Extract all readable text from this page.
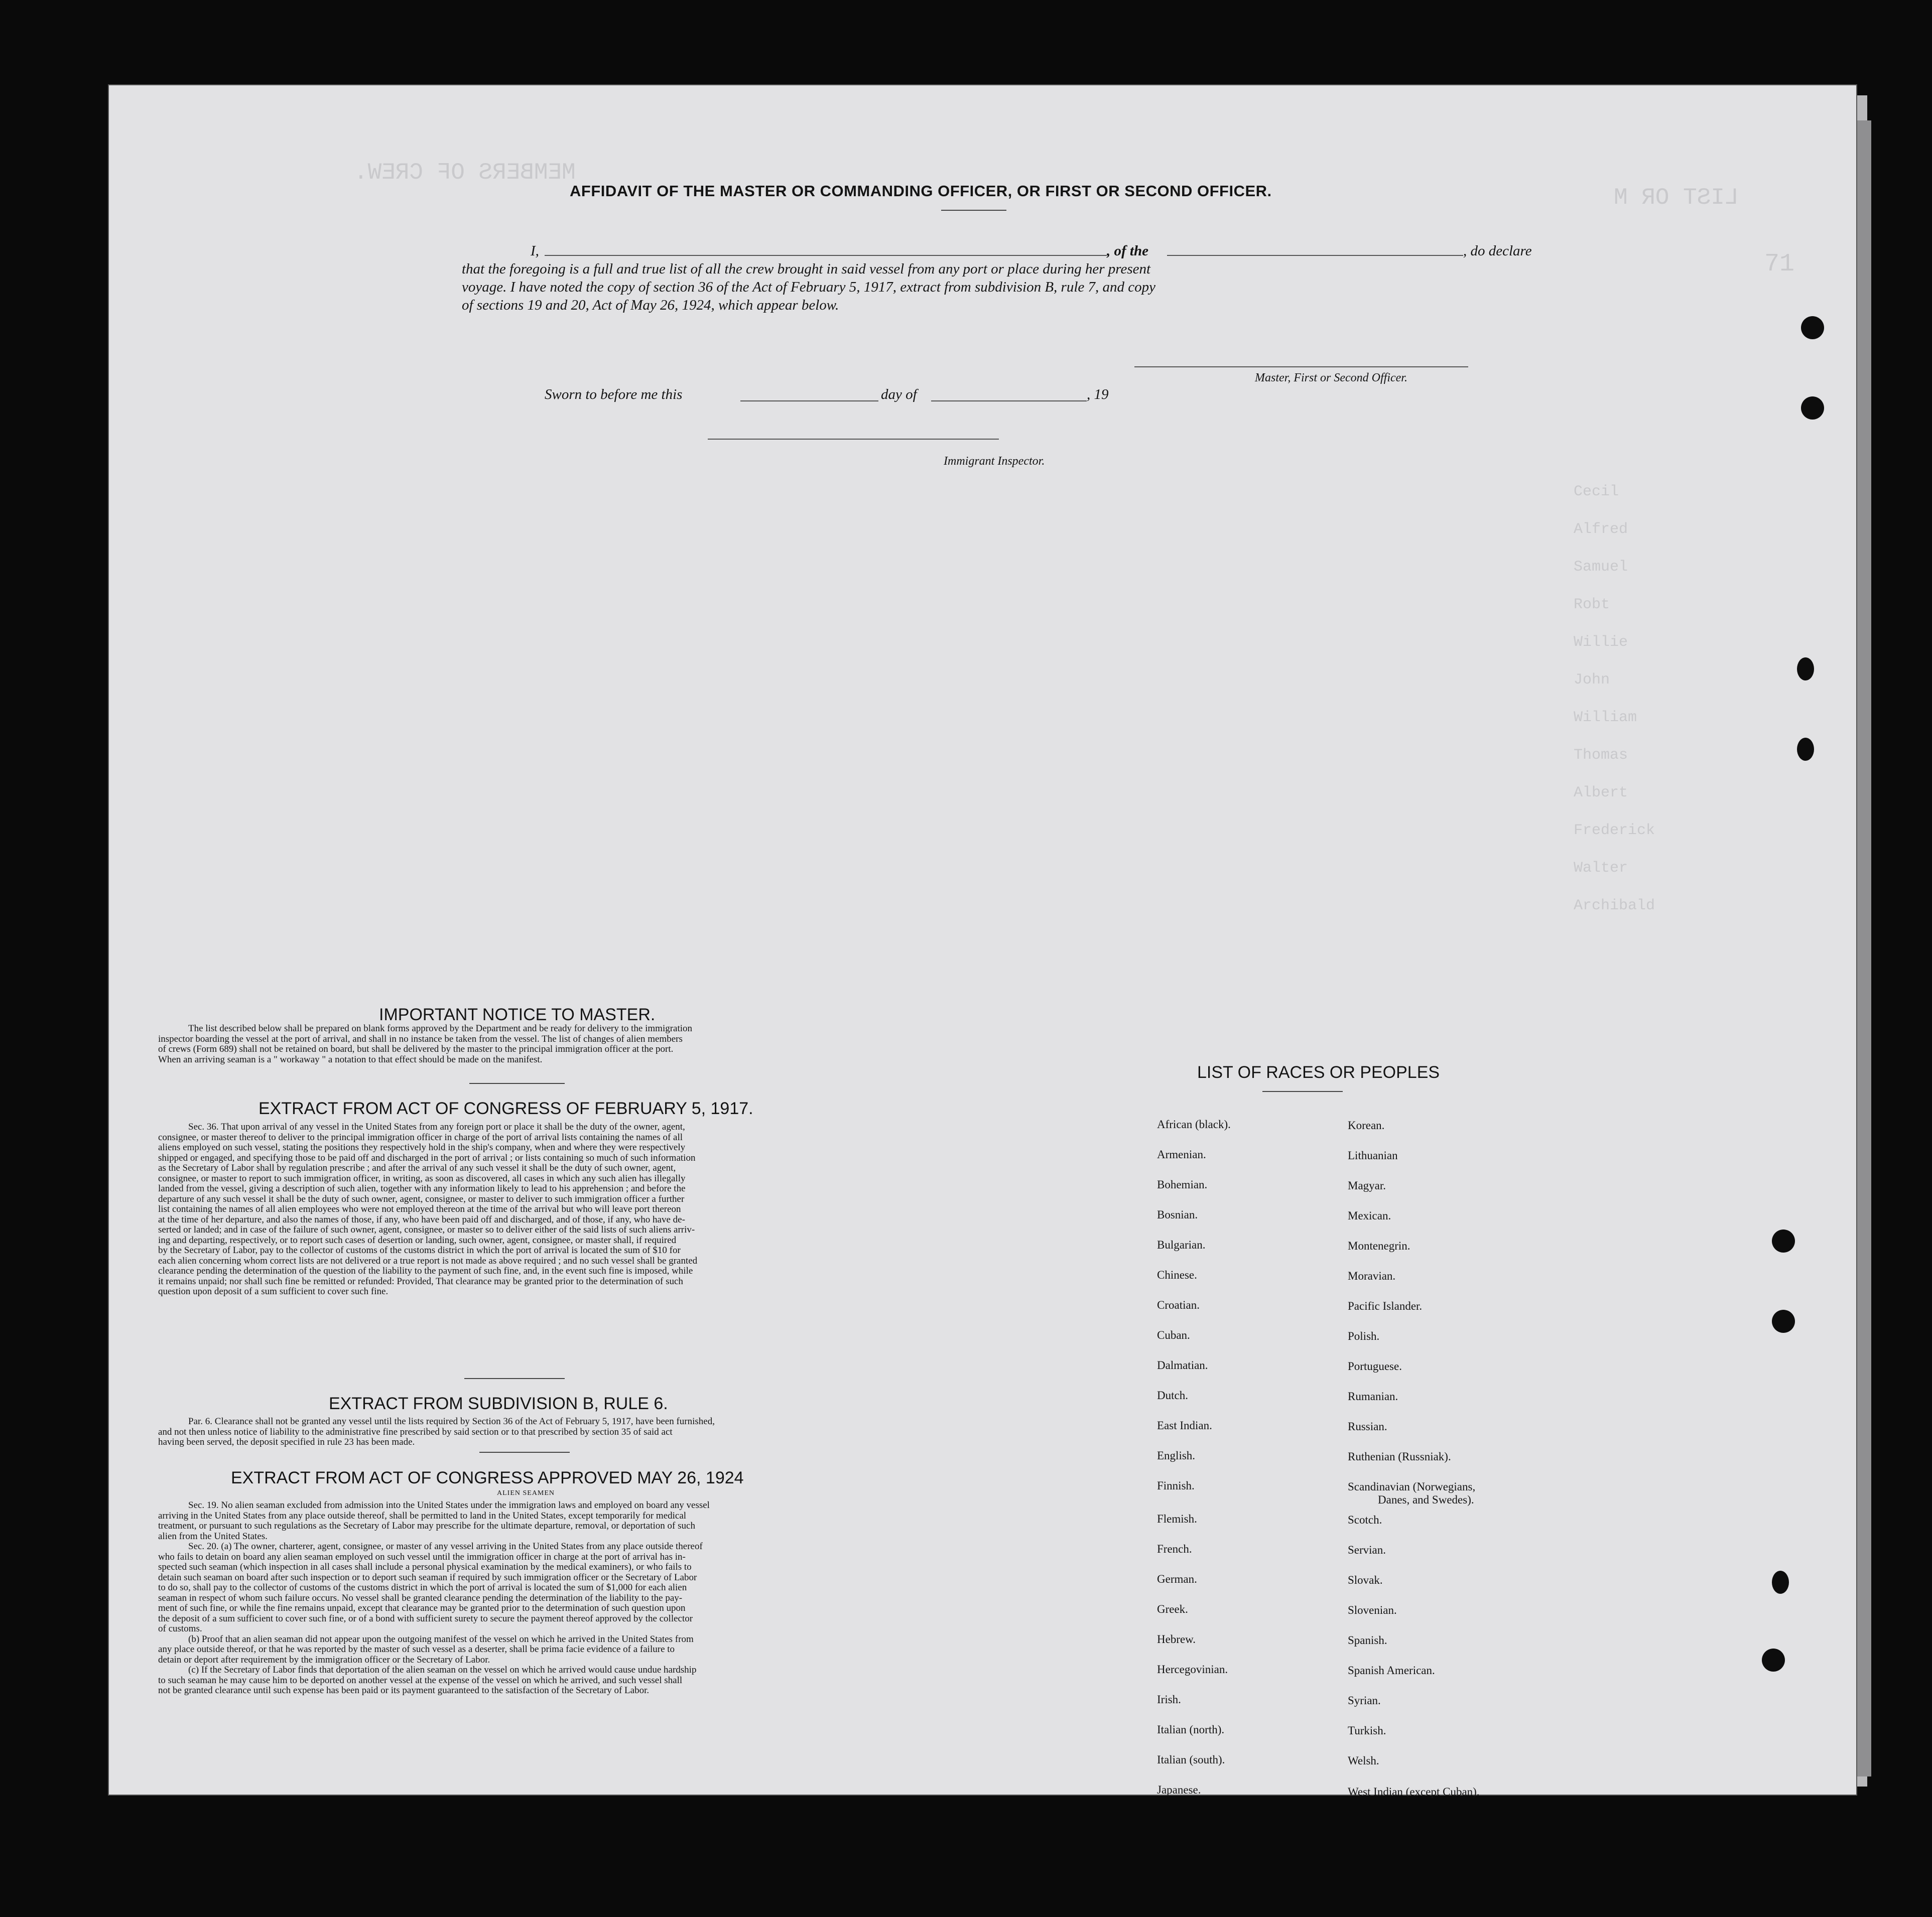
LIST OR M
MEMBERS OF CREW.
71
Cecil
Alfred
Samuel
Robt
Willie
John
William
Thomas
Albert
Frederick
Walter
Archibald
AFFIDAVIT OF THE MASTER OR COMMANDING OFFICER, OR FIRST OR SECOND OFFICER.
I,	, of the	, do declare
that the foregoing is a full and true list of all the crew brought in said vessel from any port or place during her present
voyage. I have noted the copy of section 36 of the Act of February 5, 1917, extract from subdivision B, rule 7, and copy
of sections 19 and 20, Act of May 26, 1924, which appear below.
Master, First or Second Officer.
Sworn to before me this	day of	, 19
Immigrant Inspector.
IMPORTANT NOTICE TO MASTER.
The list described below shall be prepared on blank forms approved by the Department and be ready for delivery to the immigration
inspector boarding the vessel at the port of arrival, and shall in no instance be taken from the vessel. The list of changes of alien members
of crews (Form 689) shall not be retained on board, but shall be delivered by the master to the principal immigration officer at the port.
When an arriving seaman is a " workaway " a notation to that effect should be made on the manifest.
EXTRACT FROM ACT OF CONGRESS OF FEBRUARY 5, 1917.
Sec. 36. That upon arrival of any vessel in the United States from any foreign port or place it shall be the duty of the owner, agent,
consignee, or master thereof to deliver to the principal immigration officer in charge of the port of arrival lists containing the names of all
aliens employed on such vessel, stating the positions they respectively hold in the ship's company, when and where they were respectively
shipped or engaged, and specifying those to be paid off and discharged in the port of arrival ; or lists containing so much of such information
as the Secretary of Labor shall by regulation prescribe ; and after the arrival of any such vessel it shall be the duty of such owner, agent,
consignee, or master to report to such immigration officer, in writing, as soon as discovered, all cases in which any such alien has illegally
landed from the vessel, giving a description of such alien, together with any information likely to lead to his apprehension ; and before the
departure of any such vessel it shall be the duty of such owner, agent, consignee, or master to deliver to such immigration officer a further
list containing the names of all alien employees who were not employed thereon at the time of the arrival but who will leave port thereon
at the time of her departure, and also the names of those, if any, who have been paid off and discharged, and of those, if any, who have de-
serted or landed; and in case of the failure of such owner, agent, consignee, or master so to deliver either of the said lists of such aliens arriv-
ing and departing, respectively, or to report such cases of desertion or landing, such owner, agent, consignee, or master shall, if required
by the Secretary of Labor, pay to the collector of customs of the customs district in which the port of arrival is located the sum of $10 for
each alien concerning whom correct lists are not delivered or a true report is not made as above required ; and no such vessel shall be granted
clearance pending the determination of the question of the liability to the payment of such fine, and, in the event such fine is imposed, while
it remains unpaid; nor shall such fine be remitted or refunded: Provided, That clearance may be granted prior to the determination of such
question upon deposit of a sum sufficient to cover such fine.
EXTRACT FROM SUBDIVISION B, RULE 6.
Par. 6. Clearance shall not be granted any vessel until the lists required by Section 36 of the Act of February 5, 1917, have been furnished,
and not then unless notice of liability to the administrative fine prescribed by said section or to that prescribed by section 35 of said act
having been served, the deposit specified in rule 23 has been made.
EXTRACT FROM ACT OF CONGRESS APPROVED MAY 26, 1924
ALIEN SEAMEN
Sec. 19. No alien seaman excluded from admission into the United States under the immigration laws and employed on board any vessel
arriving in the United States from any place outside thereof, shall be permitted to land in the United States, except temporarily for medical
treatment, or pursuant to such regulations as the Secretary of Labor may prescribe for the ultimate departure, removal, or deportation of such
alien from the United States.
Sec. 20. (a) The owner, charterer, agent, consignee, or master of any vessel arriving in the United States from any place outside thereof
who fails to detain on board any alien seaman employed on such vessel until the immigration officer in charge at the port of arrival has in-
spected such seaman (which inspection in all cases shall include a personal physical examination by the medical examiners), or who fails to
detain such seaman on board after such inspection or to deport such seaman if required by such immigration officer or the Secretary of Labor
to do so, shall pay to the collector of customs of the customs district in which the port of arrival is located the sum of $1,000 for each alien
seaman in respect of whom such failure occurs. No vessel shall be granted clearance pending the determination of the liability to the pay-
ment of such fine, or while the fine remains unpaid, except that clearance may be granted prior to the determination of such question upon
the deposit of a sum sufficient to cover such fine, or of a bond with sufficient surety to secure the payment thereof approved by the collector
of customs.
(b) Proof that an alien seaman did not appear upon the outgoing manifest of the vessel on which he arrived in the United States from
any place outside thereof, or that he was reported by the master of such vessel as a deserter, shall be prima facie evidence of a failure to
detain or deport after requirement by the immigration officer or the Secretary of Labor.
(c) If the Secretary of Labor finds that deportation of the alien seaman on the vessel on which he arrived would cause undue hardship
to such seaman he may cause him to be deported on another vessel at the expense of the vessel on which he arrived, and such vessel shall
not be granted clearance until such expense has been paid or its payment guaranteed to the satisfaction of the Secretary of Labor.
LIST OF RACES OR PEOPLES
African (black).
Armenian.
Bohemian.
Bosnian.
Bulgarian.
Chinese.
Croatian.
Cuban.
Dalmatian.
Dutch.
East Indian.
English.
Finnish.
Flemish.
French.
German.
Greek.
Hebrew.
Hercegovinian.
Irish.
Italian (north).
Italian (south).
Japanese.
Korean.
Lithuanian
Magyar.
Mexican.
Montenegrin.
Moravian.
Pacific Islander.
Polish.
Portuguese.
Rumanian.
Russian.
Ruthenian (Russniak).
Scandinavian (Norwegians,
Danes, and Swedes).
Scotch.
Servian.
Slovak.
Slovenian.
Spanish.
Spanish American.
Syrian.
Turkish.
Welsh.
West Indian (except Cuban).
